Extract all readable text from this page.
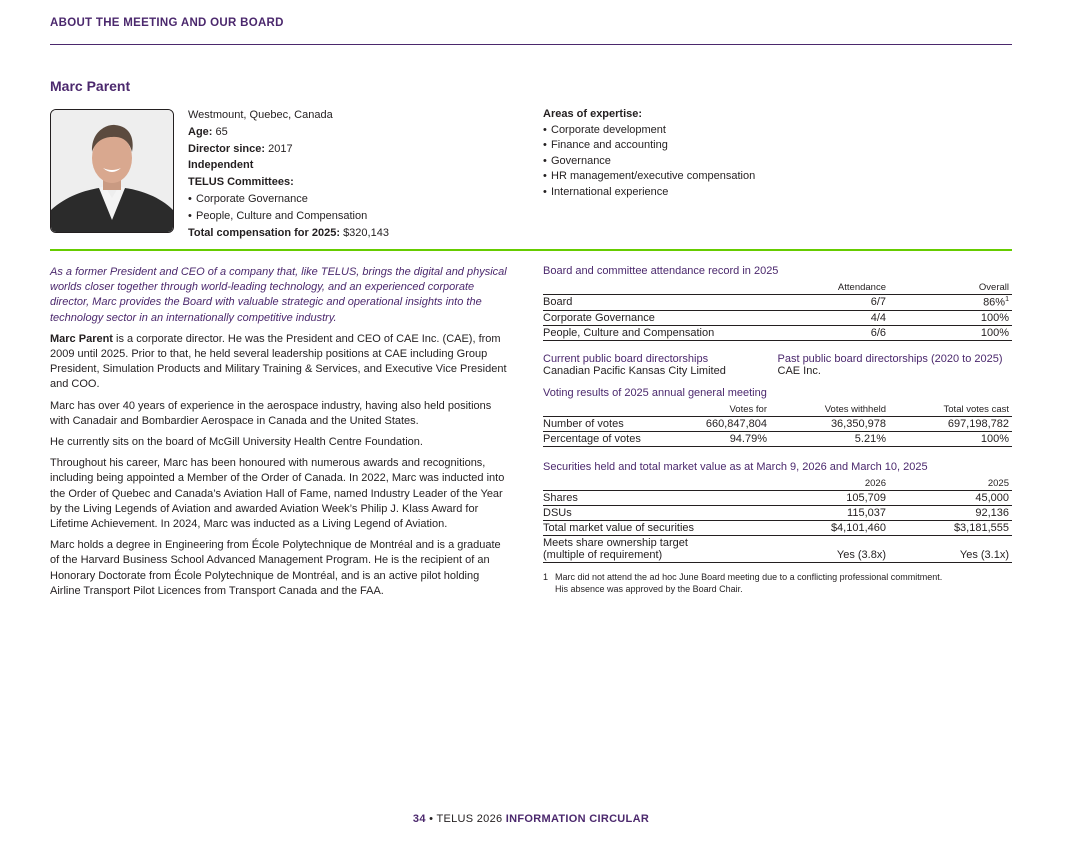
ABOUT THE MEETING AND OUR BOARD
Marc Parent
Westmount, Quebec, Canada
Age: 65
Director since: 2017
Independent
TELUS Committees:
• Corporate Governance
• People, Culture and Compensation
Total compensation for 2025: $320,143
Areas of expertise:
• Corporate development
• Finance and accounting
• Governance
• HR management/executive compensation
• International experience

As a former President and CEO of a company that, like TELUS, brings the digital and physical worlds closer together through world-leading technology, and an experienced corporate director, Marc provides the Board with valuable strategic and operational insights into the technology sector in an internationally competitive industry.

Marc Parent is a corporate director. He was the President and CEO of CAE Inc. (CAE), from 2009 until 2025. Prior to that, he held several leadership positions at CAE including Group President, Simulation Products and Military Training & Services, and Executive Vice President and COO.

Marc has over 40 years of experience in the aerospace industry, having also held positions with Canadair and Bombardier Aerospace in Canada and the United States.

He currently sits on the board of McGill University Health Centre Foundation.

Throughout his career, Marc has been honoured with numerous awards and recognitions, including being appointed a Member of the Order of Canada. In 2022, Marc was inducted into the Order of Quebec and Canada’s Aviation Hall of Fame, named Industry Leader of the Year by the Living Legends of Aviation and awarded Aviation Week’s Philip J. Klass Award for Lifetime Achievement. In 2024, Marc was inducted as a Living Legend of Aviation.

Marc holds a degree in Engineering from École Polytechnique de Montréal and is a graduate of the Harvard Business School Advanced Management Program. He is the recipient of an Honorary Doctorate from École Polytechnique de Montréal, and is an active pilot holding Airline Transport Pilot Licences from Transport Canada and the FAA.

Board and committee attendance record in 2025

	Attendance	Overall
Board	6/7	86%$^1$
Corporate Governance	4/4	100%
People, Culture and Compensation	6/6	100%
Current public board directorships
Canadian Pacific Kansas City Limited
Past public board directorships (2020 to 2025)
CAE Inc.

Voting results of 2025 annual general meeting

	Votes for	Votes withheld	Total votes cast
Number of votes	660,847,804	36,350,978	697,198,782
Percentage of votes	94.79%	5.21%	100%

Securities held and total market value as at March 9, 2026 and March 10, 2025

	2026	2025
Shares	105,709	45,000
DSUs	115,037	92,136
Total market value of securities	$4,101,460	$3,181,555
Meets share ownership target
(multiple of requirement)	Yes (3.8x)	Yes (3.1x)
1 Marc did not attend the ad hoc June Board meeting due to a conflicting professional commitment.
His absence was approved by the Board Chair.
34 • TELUS 2026 INFORMATION CIRCULAR
